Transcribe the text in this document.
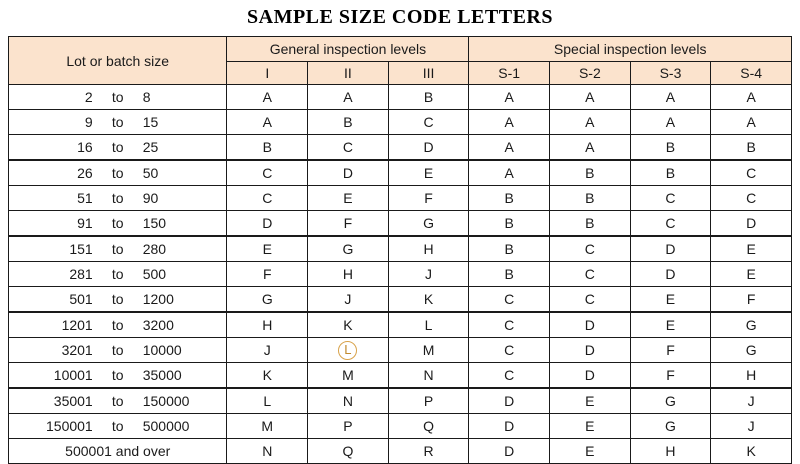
SAMPLE SIZE CODE LETTERS
Lot or batch size	General inspection levels			Special inspection levels			
	I	II	III	S-1	S-2	S-3	S-4

2 to 8	A	A	B	A	A	A	A

9 to 15	A	B	C	A	A	A	A

16 to 25	B	C	D	A	A	B	B

26 to 50	C	D	E	A	B	B	C

51 to 90	C	E	F	B	B	C	C

91 to 150	D	F	G	B	B	C	D

151 to 280	E	G	H	B	C	D	E

281 to 500	F	H	J	B	C	D	E

501 to 1200	G	J	K	C	C	E	F

1201 to 3200	H	K	L	C	D	E	G

3201 to 10000	J	L	M	C	D	F	G

10001 to 35000	K	M	N	C	D	F	H

35001 to 150000	L	N	P	D	E	G	J

150001 to 500000	M	P	Q	D	E	G	J

500001 and over	N	Q	R	D	E	H	K
